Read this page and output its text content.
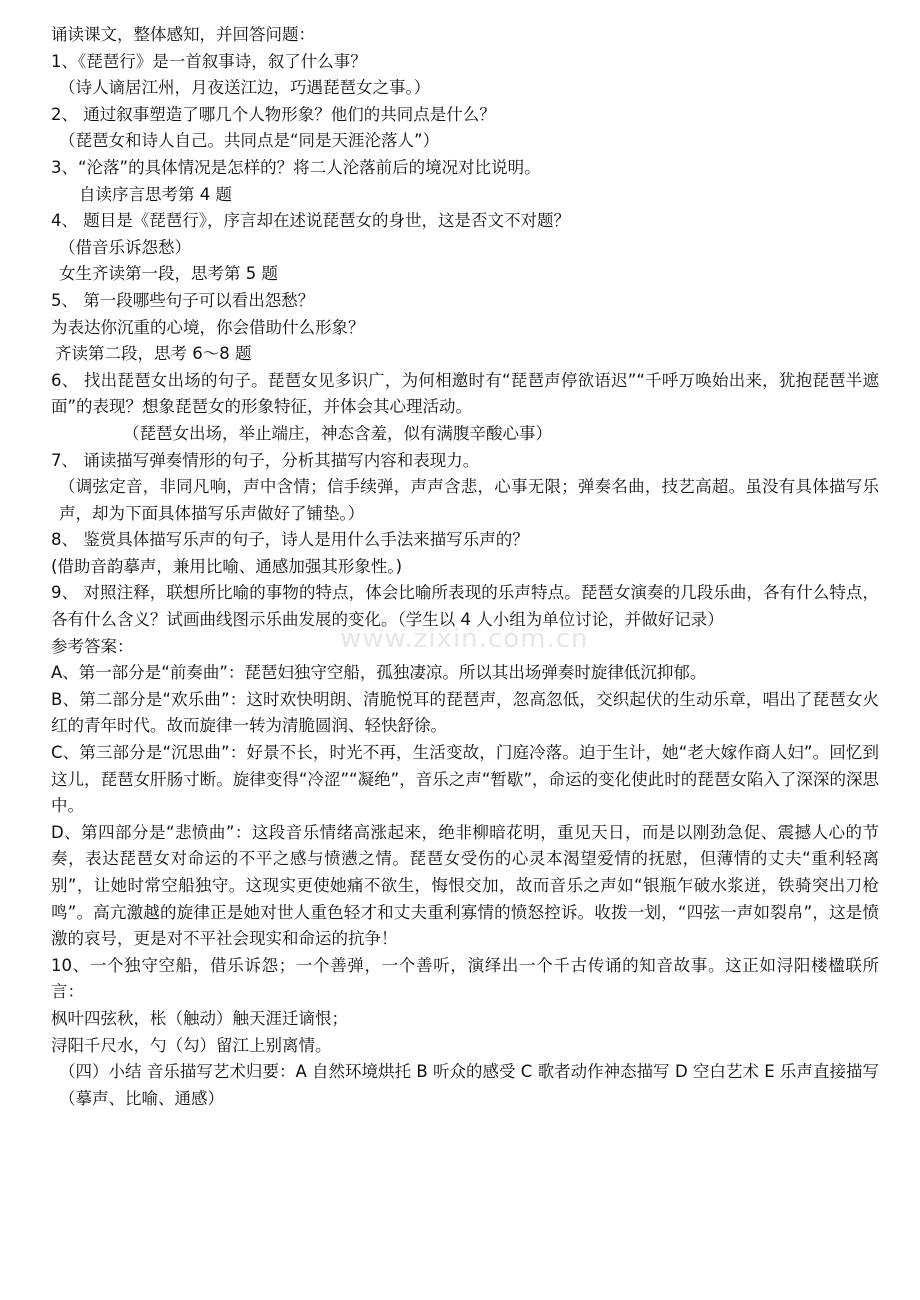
www.zixin.com.cn

诵读课文，整体感知，并回答问题：

1、《琵琶行》是一首叙事诗，叙了什么事？

（诗人谪居江州，月夜送江边，巧遇琵琶女之事。）

2、 通过叙事塑造了哪几个人物形象？他们的共同点是什么？

（琵琶女和诗人自己。共同点是“同是天涯沦落人”）

3、“沦落”的具体情况是怎样的？将二人沦落前后的境况对比说明。

自读序言思考第 4 题

4、 题目是《琵琶行》，序言却在述说琵琶女的身世，这是否文不对题？

（借音乐诉怨愁）

女生齐读第一段，思考第 5 题

5、 第一段哪些句子可以看出怨愁？

为表达你沉重的心境，你会借助什么形象？

齐读第二段，思考 6～8 题

6、 找出琵琶女出场的句子。琵琶女见多识广，为何相邀时有“琵琶声停欲语迟”“千呼万唤始出来，犹抱琵琶半遮面”的表现？想象琵琶女的形象特征，并体会其心理活动。

（琵琶女出场，举止端庄，神态含羞，似有满腹辛酸心事）

7、 诵读描写弹奏情形的句子，分析其描写内容和表现力。

（调弦定音，非同凡响，声中含情；信手续弹，声声含悲，心事无限；弹奏名曲，技艺高超。虽没有具体描写乐声，却为下面具体描写乐声做好了铺垫。）

8、 鉴赏具体描写乐声的句子，诗人是用什么手法来描写乐声的？

(借助音韵摹声，兼用比喻、通感加强其形象性。)

9、 对照注释，联想所比喻的事物的特点，体会比喻所表现的乐声特点。琵琶女演奏的几段乐曲，各有什么特点，各有什么含义？试画曲线图示乐曲发展的变化。（学生以 4 人小组为单位讨论，并做好记录）

参考答案：

A、第一部分是“前奏曲”：琵琶妇独守空船，孤独凄凉。所以其出场弹奏时旋律低沉抑郁。

B、第二部分是“欢乐曲”：这时欢快明朗、清脆悦耳的琵琶声，忽高忽低，交织起伏的生动乐章，唱出了琵琶女火红的青年时代。故而旋律一转为清脆圆润、轻快舒徐。

C、第三部分是“沉思曲”：好景不长，时光不再，生活变故，门庭冷落。迫于生计，她“老大嫁作商人妇”。回忆到这儿，琵琶女肝肠寸断。旋律变得“冷涩”“凝绝”，音乐之声“暂歇”，命运的变化使此时的琵琶女陷入了深深的深思中。

D、第四部分是“悲愤曲”：这段音乐情绪高涨起来，绝非柳暗花明，重见天日，而是以刚劲急促、震撼人心的节奏，表达琵琶女对命运的不平之感与愤懑之情。琵琶女受伤的心灵本渴望爱情的抚慰，但薄情的丈夫“重利轻离别”，让她时常空船独守。这现实更使她痛不欲生，悔恨交加，故而音乐之声如“银瓶乍破水浆迸，铁骑突出刀枪鸣”。高亢激越的旋律正是她对世人重色轻才和丈夫重利寡情的愤怒控诉。收拨一划，“四弦一声如裂帛”，这是愤激的哀号，更是对不平社会现实和命运的抗争！

10、一个独守空船，借乐诉怨；一个善弹，一个善听，演绎出一个千古传诵的知音故事。这正如浔阳楼楹联所言：

枫叶四弦秋，枨（触动）触天涯迁谪恨；

浔阳千尺水，勺（勾）留江上别离情。

（四）小结 音乐描写艺术归要：A 自然环境烘托 B 听众的感受 C 歌者动作神态描写 D 空白艺术 E 乐声直接描写（摹声、比喻、通感）
